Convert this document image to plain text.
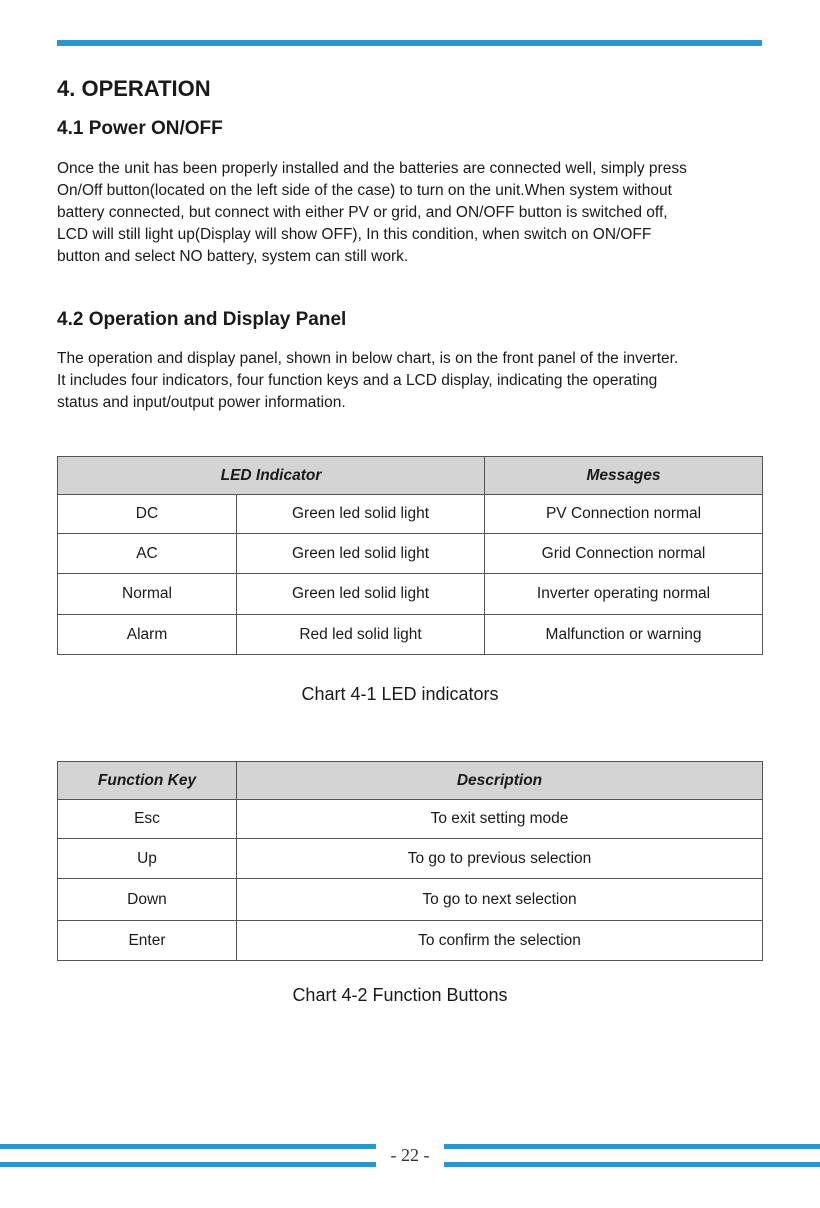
4. OPERATION
4.1 Power ON/OFF
Once the unit has been properly installed and the batteries are connected well, simply press
On/Off button(located on the left side of the case) to turn on the unit.When system without
battery connected, but connect with either PV or grid, and ON/OFF button is switched off,
LCD will still light up(Display will show OFF), In this condition, when switch on ON/OFF
button and select NO battery, system can still work.
4.2 Operation and Display Panel
The operation and display panel, shown in below chart, is on the front panel of the inverter.
It includes four indicators, four function keys and a LCD display, indicating the operating
status and input/output power information.
LED Indicator		Messages
DC	Green led solid light	PV Connection normal
AC	Green led solid light	Grid Connection normal
Normal	Green led solid light	Inverter operating normal
Alarm	Red led solid light	Malfunction or warning
Chart 4-1 LED indicators
Function Key	Description
Esc	To exit setting mode
Up	To go to previous selection
Down	To go to next selection
Enter	To confirm the selection
Chart 4-2 Function Buttons
- 22 -
